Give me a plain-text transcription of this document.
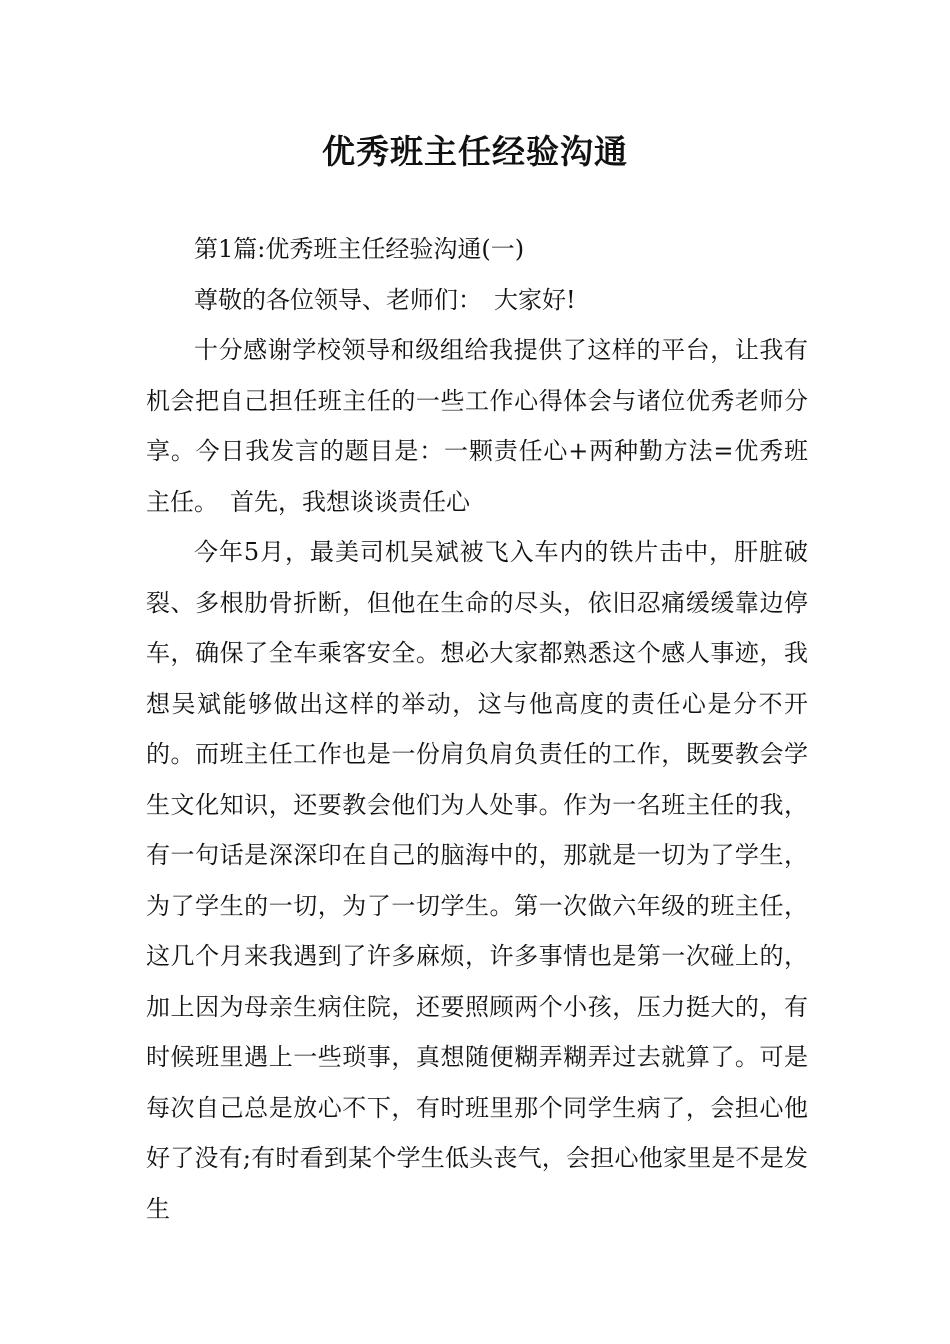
优秀班主任经验沟通

第1篇:优秀班主任经验沟通(一)

尊敬的各位领导、老师们：　大家好!

十分感谢学校领导和级组给我提供了这样的平台，让我有机会把自己担任班主任的一些工作心得体会与诸位优秀老师分享。今日我发言的题目是：一颗责任心+两种勤方法=优秀班主任。　首先，我想谈谈责任心

今年5月，最美司机吴斌被飞入车内的铁片击中，肝脏破裂、多根肋骨折断，但他在生命的尽头，依旧忍痛缓缓靠边停车，确保了全车乘客安全。想必大家都熟悉这个感人事迹，我想吴斌能够做出这样的举动，这与他高度的责任心是分不开的。而班主任工作也是一份肩负肩负责任的工作，既要教会学生文化知识，还要教会他们为人处事。作为一名班主任的我，有一句话是深深印在自己的脑海中的，那就是一切为了学生，为了学生的一切，为了一切学生。第一次做六年级的班主任，这几个月来我遇到了许多麻烦，许多事情也是第一次碰上的，加上因为母亲生病住院，还要照顾两个小孩，压力挺大的，有时候班里遇上一些琐事，真想随便糊弄糊弄过去就算了。可是每次自己总是放心不下，有时班里那个同学生病了，会担心他好了没有;有时看到某个学生低头丧气，会担心他家里是不是发生
